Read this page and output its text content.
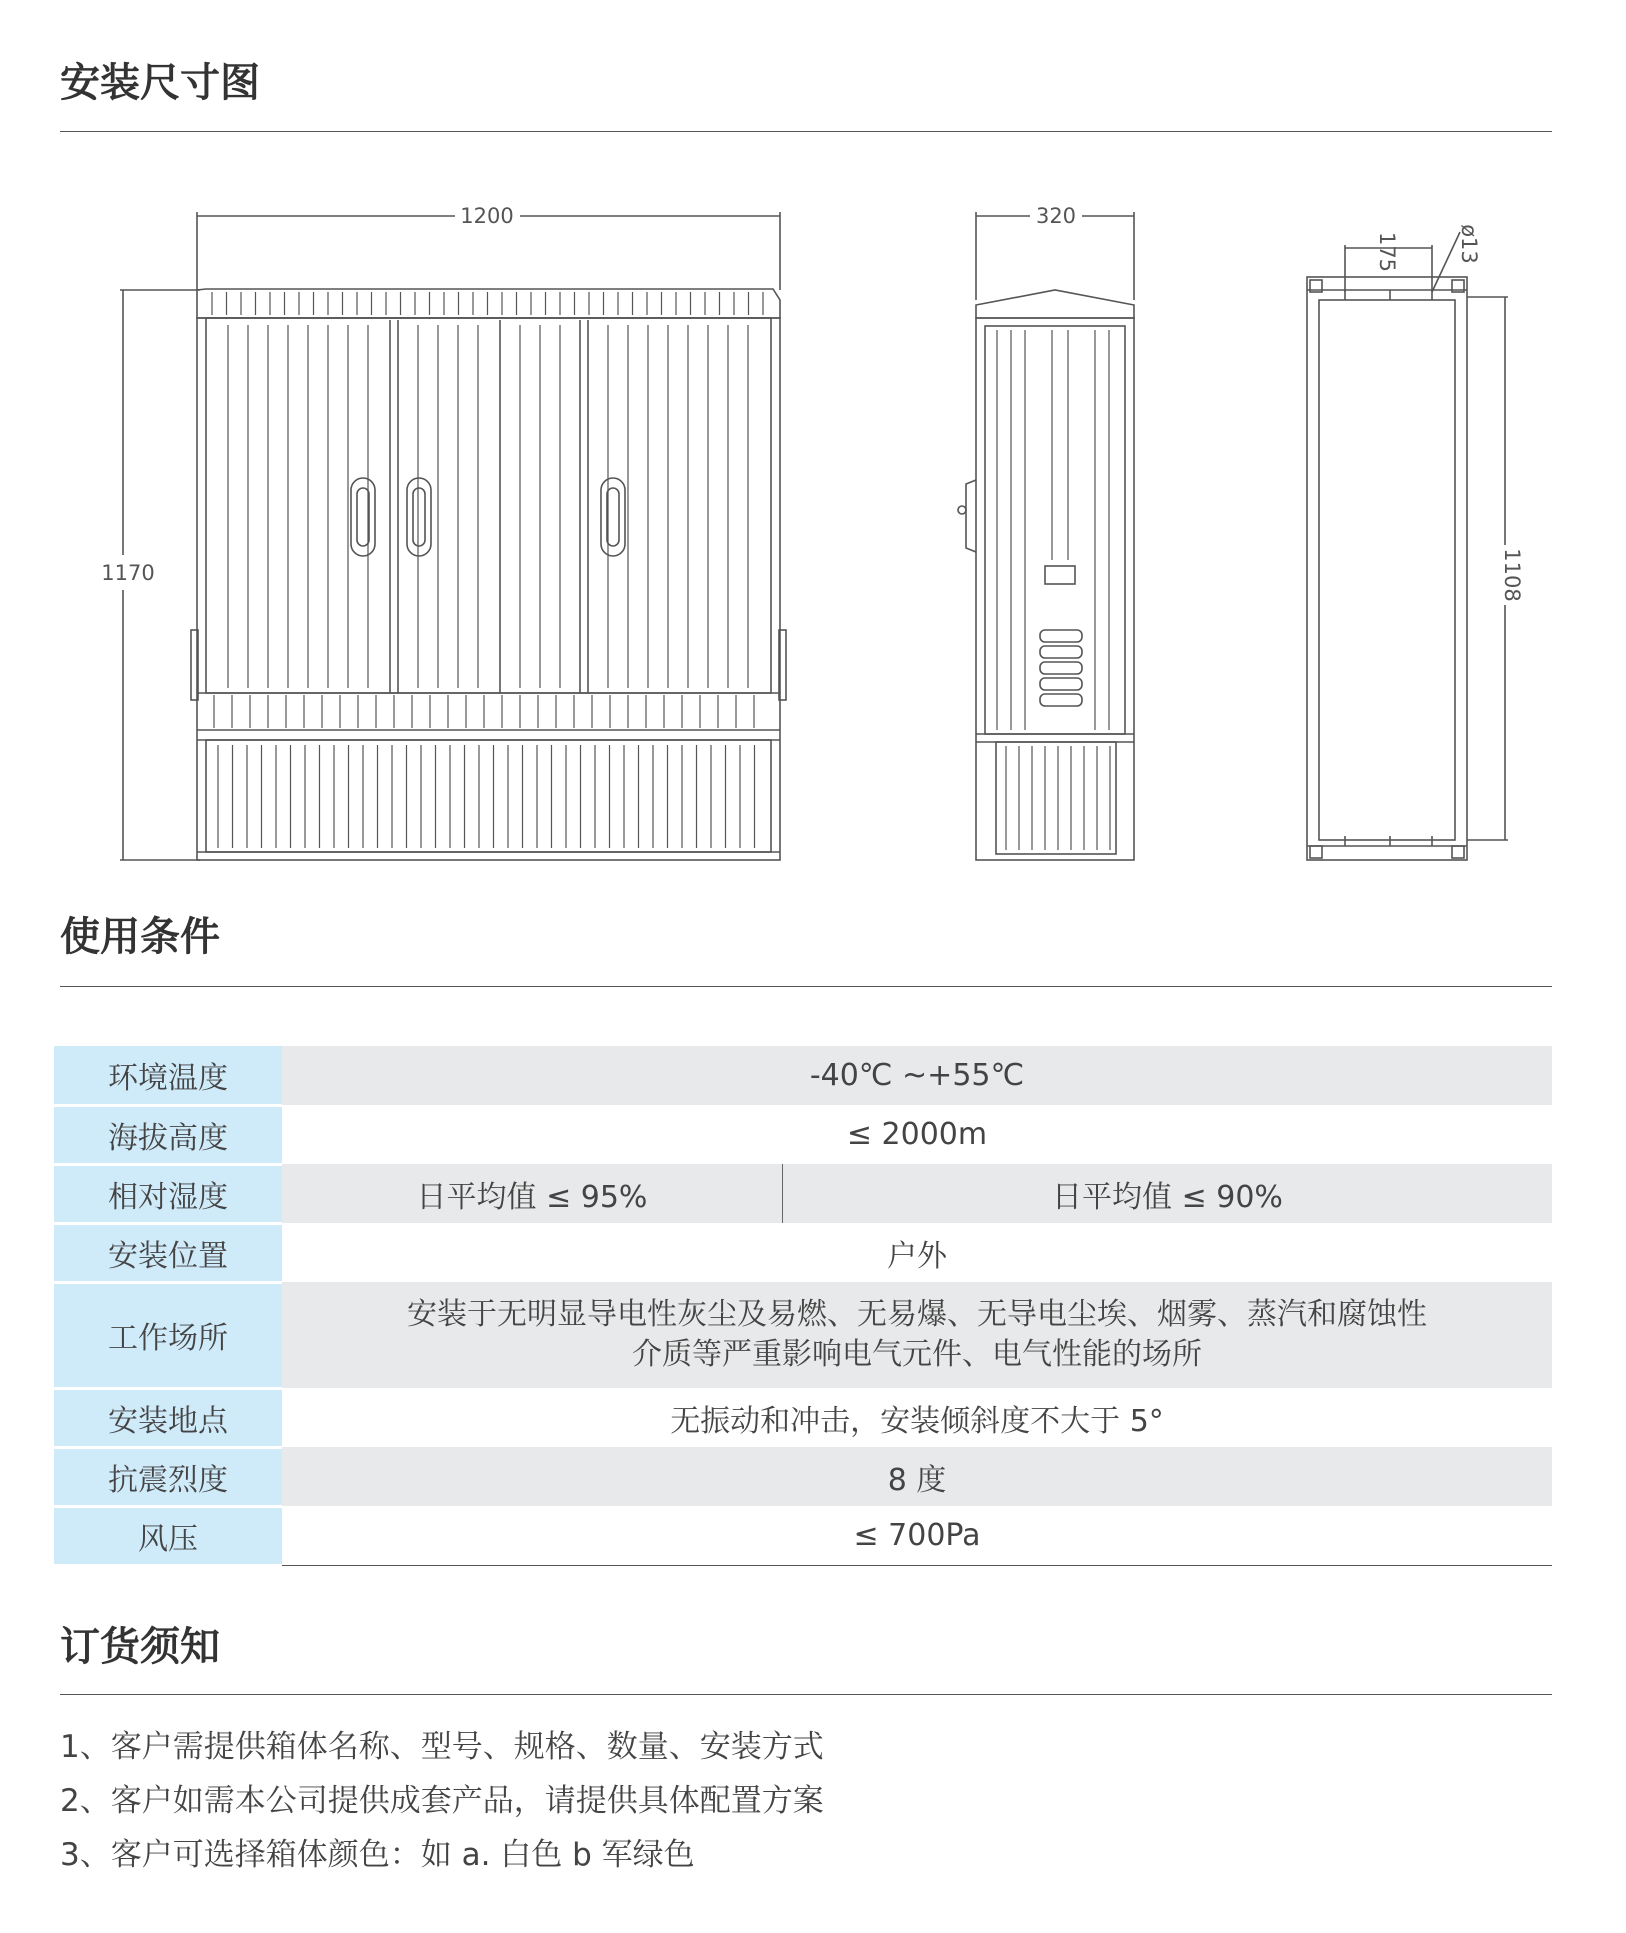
安装尺寸图
1200
1170
320
175	ø13
1108
使用条件
环境温度	-40℃ ~+55℃	
海拔高度	≤ 2000m	
相对湿度	日平均值 ≤ 95%	日平均值 ≤ 90%
安装位置	户外	
工作场所	安装于无明显导电性灰尘及易燃、无易爆、无导电尘埃、烟雾、蒸汽和腐蚀性
介质等严重影响电气元件、电气性能的场所	

安装地点	无振动和冲击，安装倾斜度不大于 5°	
抗震烈度	8 度	
风压	≤ 700Pa	
订货须知
1、客户需提供箱体名称、型号、规格、数量、安装方式
2、客户如需本公司提供成套产品，请提供具体配置方案
3、客户可选择箱体颜色：如 a. 白色 b 军绿色
